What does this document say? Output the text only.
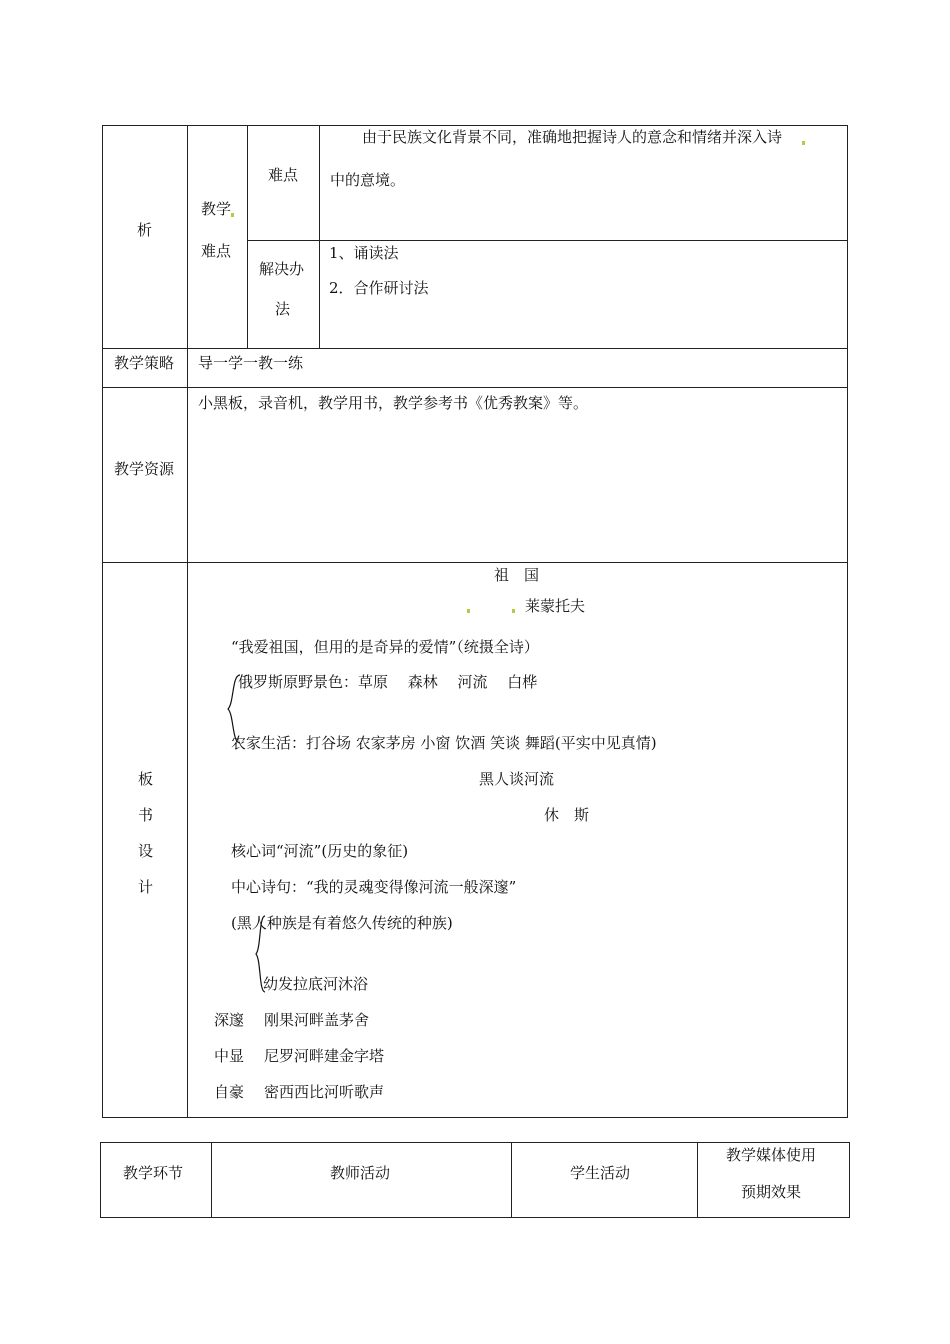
析
教学
难点
难点
由于民族文化背景不同，准确地把握诗人的意念和情绪并深入诗
中的意境。
解决办
法
1、诵读法
2．合作研讨法
教学策略 导一学一教一练
教学资源
小黑板，录音机，教学用书，教学参考书《优秀教案》等。
板
书
设
计
祖　国
莱蒙托夫
“我爱祖国，但用的是奇异的爱情”（统摄全诗）
俄罗斯原野景色：草原　 森林　 河流　 白桦
农家生活：打谷场 农家茅房 小窗 饮酒 笑谈 舞蹈(平实中见真情)
黑人谈河流
休　斯
核心词“河流”(历史的象征)
中心诗句：“我的灵魂变得像河流一般深邃”
(黑人种族是有着悠久传统的种族)
幼发拉底河沐浴
深邃 刚果河畔盖茅舍
中显 尼罗河畔建金字塔
自豪 密西西比河听歌声
教学环节	教师活动	学生活动
教学媒体使用
预期效果
